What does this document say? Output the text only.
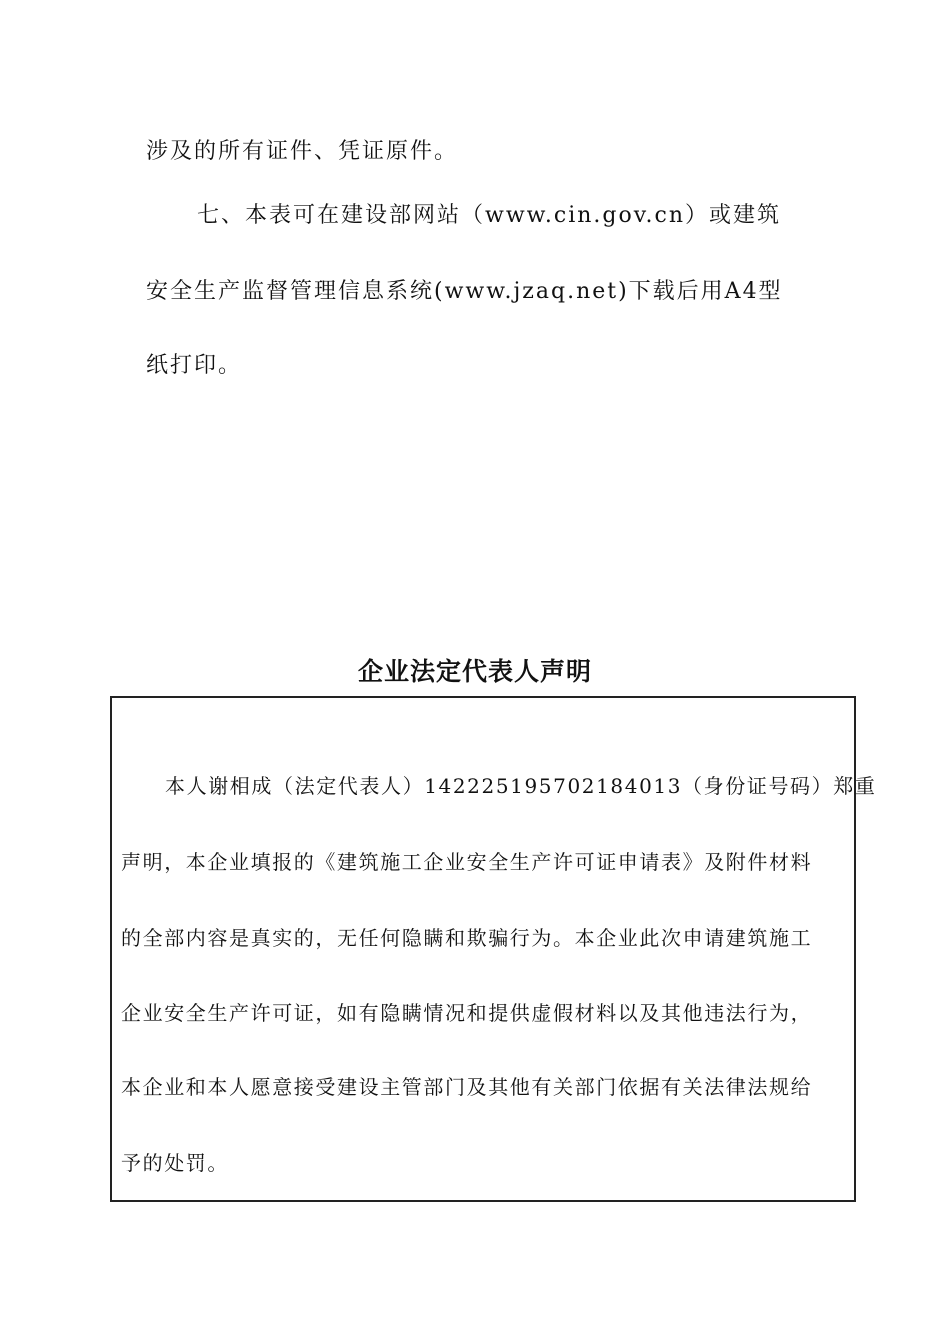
涉及的所有证件、凭证原件。
七、本表可在建设部网站（www.cin.gov.cn）或建筑
安全生产监督管理信息系统(www.jzaq.net)下载后用A4型
纸打印。
企业法定代表人声明
本人谢相成（法定代表人）142225195702184013（身份证号码）郑重
声明，本企业填报的《建筑施工企业安全生产许可证申请表》及附件材料
的全部内容是真实的，无任何隐瞒和欺骗行为。本企业此次申请建筑施工
企业安全生产许可证，如有隐瞒情况和提供虚假材料以及其他违法行为，
本企业和本人愿意接受建设主管部门及其他有关部门依据有关法律法规给
予的处罚。
